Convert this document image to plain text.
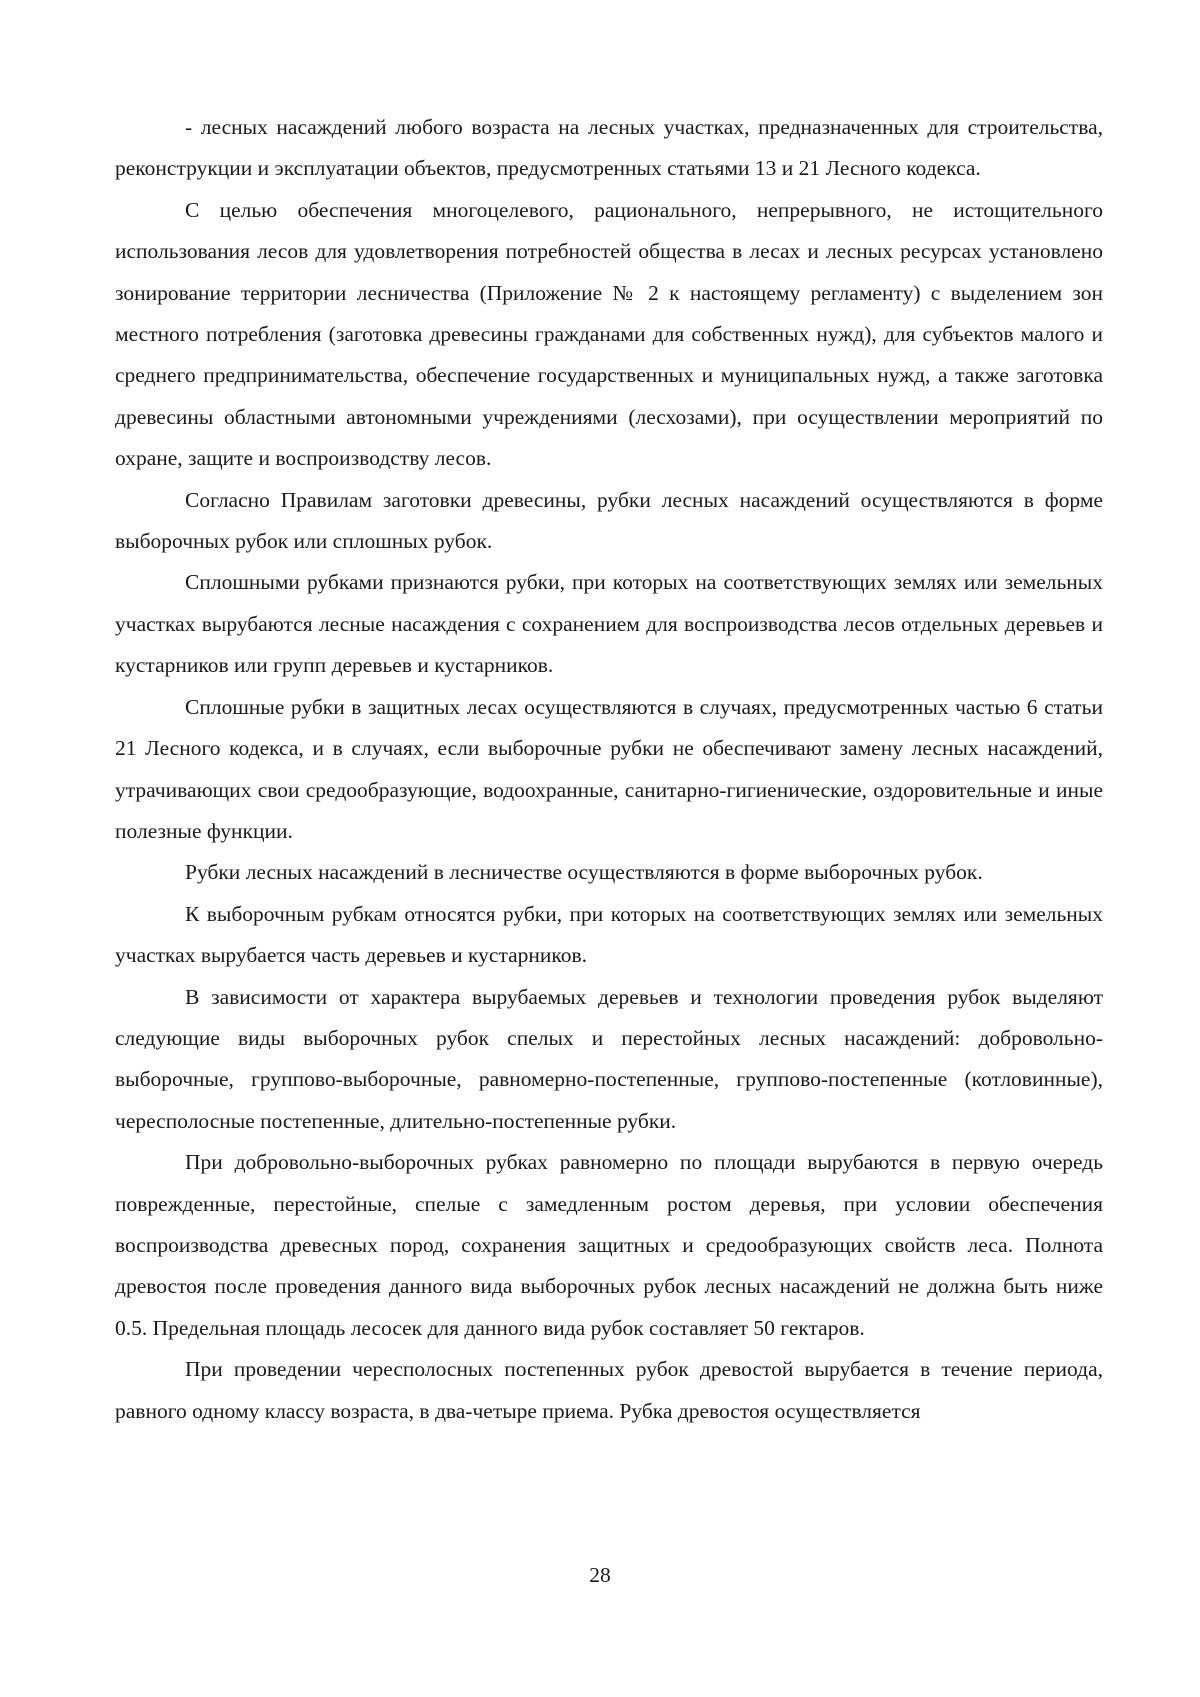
- лесных насаждений любого возраста на лесных участках, предназначенных для строительства, реконструкции и эксплуатации объектов, предусмотренных статьями 13 и 21 Лесного кодекса.

С целью обеспечения многоцелевого, рационального, непрерывного, не истощительного использования лесов для удовлетворения потребностей общества в лесах и лесных ресурсах установлено зонирование территории лесничества (Приложение № 2 к настоящему регламенту) с выделением зон местного потребления (заготовка древесины гражданами для собственных нужд), для субъектов малого и среднего предпринимательства, обеспечение государственных и муниципальных нужд, а также заготовка древесины областными автономными учреждениями (лесхозами), при осуществлении мероприятий по охране, защите и воспроизводству лесов.

Согласно Правилам заготовки древесины, рубки лесных насаждений осуществляются в форме выборочных рубок или сплошных рубок.

Сплошными рубками признаются рубки, при которых на соответствующих землях или земельных участках вырубаются лесные насаждения с сохранением для воспроизводства лесов отдельных деревьев и кустарников или групп деревьев и кустарников.

Сплошные рубки в защитных лесах осуществляются в случаях, предусмотренных частью 6 статьи 21 Лесного кодекса, и в случаях, если выборочные рубки не обеспечивают замену лесных насаждений, утрачивающих свои средообразующие, водоохранные, санитарно-гигиенические, оздоровительные и иные полезные функции.

Рубки лесных насаждений в лесничестве осуществляются в форме выборочных рубок.

К выборочным рубкам относятся рубки, при которых на соответствующих землях или земельных участках вырубается часть деревьев и кустарников.

В зависимости от характера вырубаемых деревьев и технологии проведения рубок выделяют следующие виды выборочных рубок спелых и перестойных лесных насаждений: добровольно-выборочные, группово-выборочные, равномерно-постепенные, группово-постепенные (котловинные), чересполосные постепенные, длительно-постепенные рубки.

При добровольно-выборочных рубках равномерно по площади вырубаются в первую очередь поврежденные, перестойные, спелые с замедленным ростом деревья, при условии обеспечения воспроизводства древесных пород, сохранения защитных и средообразующих свойств леса. Полнота древостоя после проведения данного вида выборочных рубок лесных насаждений не должна быть ниже 0.5. Предельная площадь лесосек для данного вида рубок составляет 50 гектаров.

При проведении чересполосных постепенных рубок древостой вырубается в течение периода, равного одному классу возраста, в два-четыре приема. Рубка древостоя осуществляется

28
